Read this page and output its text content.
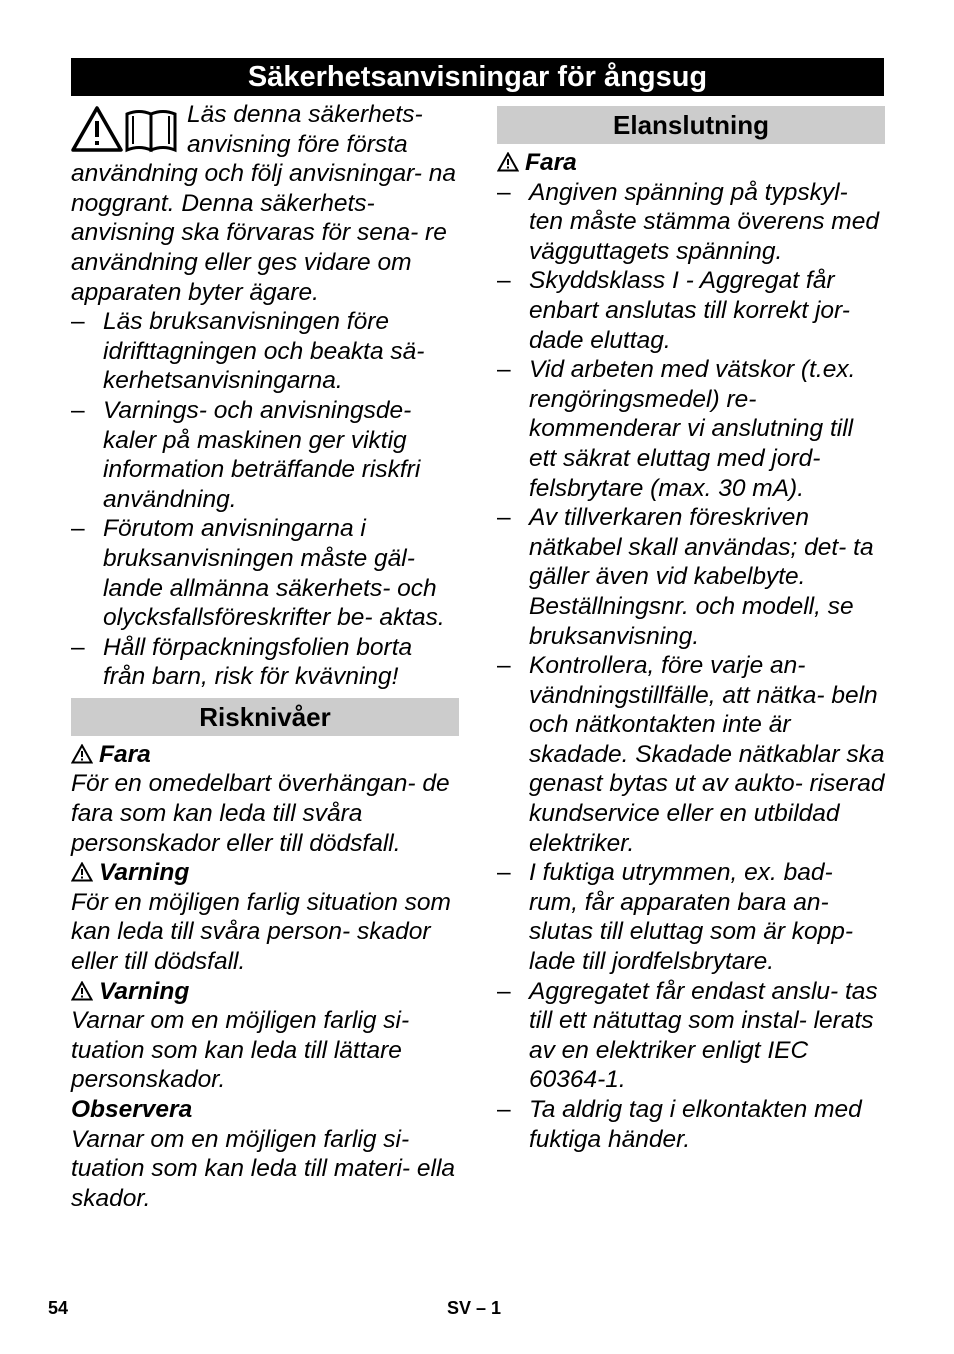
Säkerhetsanvisningar för ångsug
Läs denna säkerhets- anvisning före första användning och följ anvisningar- na noggrant. Denna säkerhets- anvisning ska förvaras för sena- re användning eller ges vidare om apparaten byter ägare.
– Läs bruksanvisningen före idrifttagningen och beakta sä- kerhetsanvisningarna.
– Varnings- och anvisningsde- kaler på maskinen ger viktig information beträffande riskfri användning.
– Förutom anvisningarna i bruksanvisningen måste gäl- lande allmänna säkerhets- och olycksfallsföreskrifter be- aktas.
– Håll förpackningsfolien borta från barn, risk för kvävning!
Risknivåer
Fara
För en omedelbart överhängan- de fara som kan leda till svåra personskador eller till dödsfall.
Varning
För en möjligen farlig situation som kan leda till svåra person- skador eller till dödsfall.
Varning
Varnar om en möjligen farlig si- tuation som kan leda till lättare personskador.
Observera
Varnar om en möjligen farlig si- tuation som kan leda till materi- ella skador.
Elanslutning
Fara
– Angiven spänning på typskyl- ten måste stämma överens med vägguttagets spänning.
– Skyddsklass I - Aggregat får enbart anslutas till korrekt jor- dade eluttag.
– Vid arbeten med vätskor (t.ex. rengöringsmedel) re- kommenderar vi anslutning till ett säkrat eluttag med jord- felsbrytare (max. 30 mA).
– Av tillverkaren föreskriven nätkabel skall användas; det- ta gäller även vid kabelbyte. Beställningsnr. och modell, se bruksanvisning.
– Kontrollera, före varje an- vändningstillfälle, att nätka- beln och nätkontakten inte är skadade. Skadade nätkablar ska genast bytas ut av aukto- riserad kundservice eller en utbildad elektriker.
– I fuktiga utrymmen, ex. bad- rum, får apparaten bara an- slutas till eluttag som är kopp- lade till jordfelsbrytare.
– Aggregatet får endast anslu- tas till ett nätuttag som instal- lerats av en elektriker enligt IEC 60364-1.
– Ta aldrig tag i elkontakten med fuktiga händer.
54	SV – 1
